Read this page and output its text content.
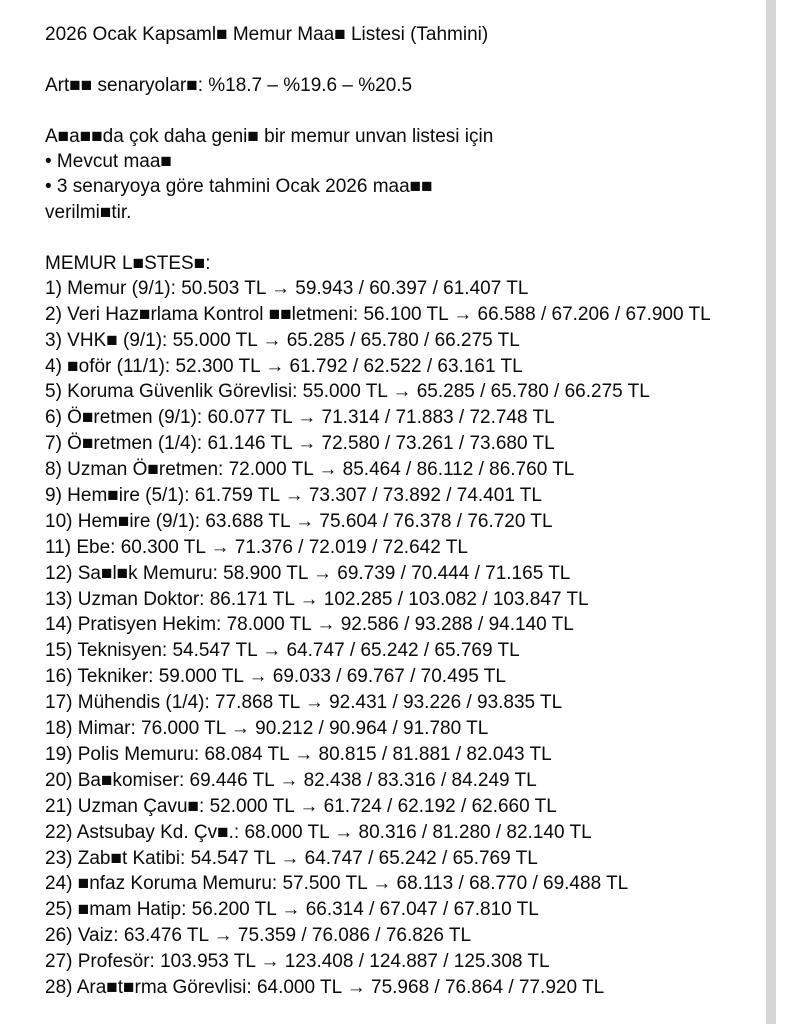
2026 Ocak Kapsaml■ Memur Maa■ Listesi (Tahmini)
Art■■ senaryolar■: %18.7 – %19.6 – %20.5
A■a■■da çok daha geni■ bir memur unvan listesi için
• Mevcut maa■
• 3 senaryoya göre tahmini Ocak 2026 maa■■
verilmi■tir.
MEMUR L■STES■:
1) Memur (9/1): 50.503 TL → 59.943 / 60.397 / 61.407 TL
2) Veri Haz■rlama Kontrol ■■letmeni: 56.100 TL → 66.588 / 67.206 / 67.900 TL
3) VHK■ (9/1): 55.000 TL → 65.285 / 65.780 / 66.275 TL
4) ■oför (11/1): 52.300 TL → 61.792 / 62.522 / 63.161 TL
5) Koruma Güvenlik Görevlisi: 55.000 TL → 65.285 / 65.780 / 66.275 TL
6) Ö■retmen (9/1): 60.077 TL → 71.314 / 71.883 / 72.748 TL
7) Ö■retmen (1/4): 61.146 TL → 72.580 / 73.261 / 73.680 TL
8) Uzman Ö■retmen: 72.000 TL → 85.464 / 86.112 / 86.760 TL
9) Hem■ire (5/1): 61.759 TL → 73.307 / 73.892 / 74.401 TL
10) Hem■ire (9/1): 63.688 TL → 75.604 / 76.378 / 76.720 TL
11) Ebe: 60.300 TL → 71.376 / 72.019 / 72.642 TL
12) Sa■l■k Memuru: 58.900 TL → 69.739 / 70.444 / 71.165 TL
13) Uzman Doktor: 86.171 TL → 102.285 / 103.082 / 103.847 TL
14) Pratisyen Hekim: 78.000 TL → 92.586 / 93.288 / 94.140 TL
15) Teknisyen: 54.547 TL → 64.747 / 65.242 / 65.769 TL
16) Tekniker: 59.000 TL → 69.033 / 69.767 / 70.495 TL
17) Mühendis (1/4): 77.868 TL → 92.431 / 93.226 / 93.835 TL
18) Mimar: 76.000 TL → 90.212 / 90.964 / 91.780 TL
19) Polis Memuru: 68.084 TL → 80.815 / 81.881 / 82.043 TL
20) Ba■komiser: 69.446 TL → 82.438 / 83.316 / 84.249 TL
21) Uzman Çavu■: 52.000 TL → 61.724 / 62.192 / 62.660 TL
22) Astsubay Kd. Çv■.: 68.000 TL → 80.316 / 81.280 / 82.140 TL
23) Zab■t Katibi: 54.547 TL → 64.747 / 65.242 / 65.769 TL
24) ■nfaz Koruma Memuru: 57.500 TL → 68.113 / 68.770 / 69.488 TL
25) ■mam Hatip: 56.200 TL → 66.314 / 67.047 / 67.810 TL
26) Vaiz: 63.476 TL → 75.359 / 76.086 / 76.826 TL
27) Profesör: 103.953 TL → 123.408 / 124.887 / 125.308 TL
28) Ara■t■rma Görevlisi: 64.000 TL → 75.968 / 76.864 / 77.920 TL
